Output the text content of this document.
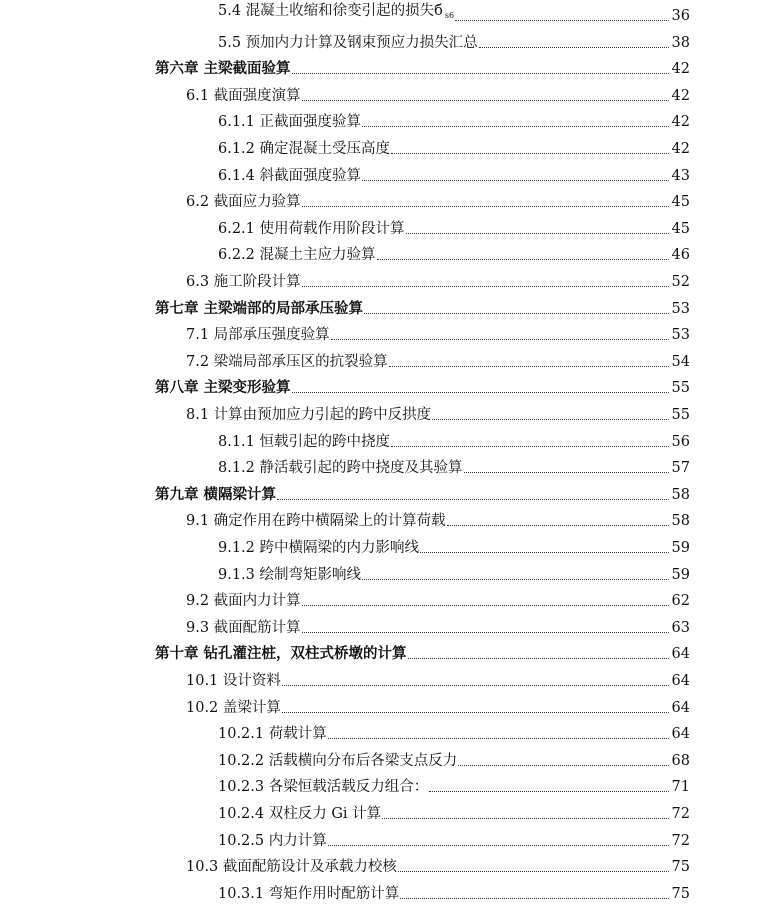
5.4 混凝土收缩和徐变引起的损失б $_{s6}$	36
5.5 预加内力计算及钢束预应力损失汇总	38
第六章 主梁截面验算	42
6.1 截面强度演算	42
6.1.1 正截面强度验算	42
6.1.2 确定混凝土受压高度	42
6.1.4 斜截面强度验算	43
6.2 截面应力验算	45
6.2.1 使用荷载作用阶段计算	45
6.2.2 混凝土主应力验算	46
6.3 施工阶段计算	52
第七章 主梁端部的局部承压验算	53
7.1 局部承压强度验算	53
7.2 梁端局部承压区的抗裂验算	54
第八章 主梁变形验算	55
8.1 计算由预加应力引起的跨中反拱度	55
8.1.1 恒载引起的跨中挠度	56
8.1.2 静活载引起的跨中挠度及其验算	57
第九章 横隔梁计算	58
9.1 确定作用在跨中横隔梁上的计算荷载	58
9.1.2 跨中横隔梁的内力影响线	59
9.1.3 绘制弯矩影响线	59
9.2 截面内力计算	62
9.3 截面配筋计算	63
第十章 钻孔灌注桩，双柱式桥墩的计算	64
10.1 设计资料	64
10.2 盖梁计算	64
10.2.1 荷载计算	64
10.2.2 活载横向分布后各梁支点反力	68
10.2.3 各梁恒载活载反力组合：	71
10.2.4 双柱反力 Gi 计算	72
10.2.5 内力计算	72
10.3 截面配筋设计及承载力校核	75
10.3.1 弯矩作用时配筋计算	75
